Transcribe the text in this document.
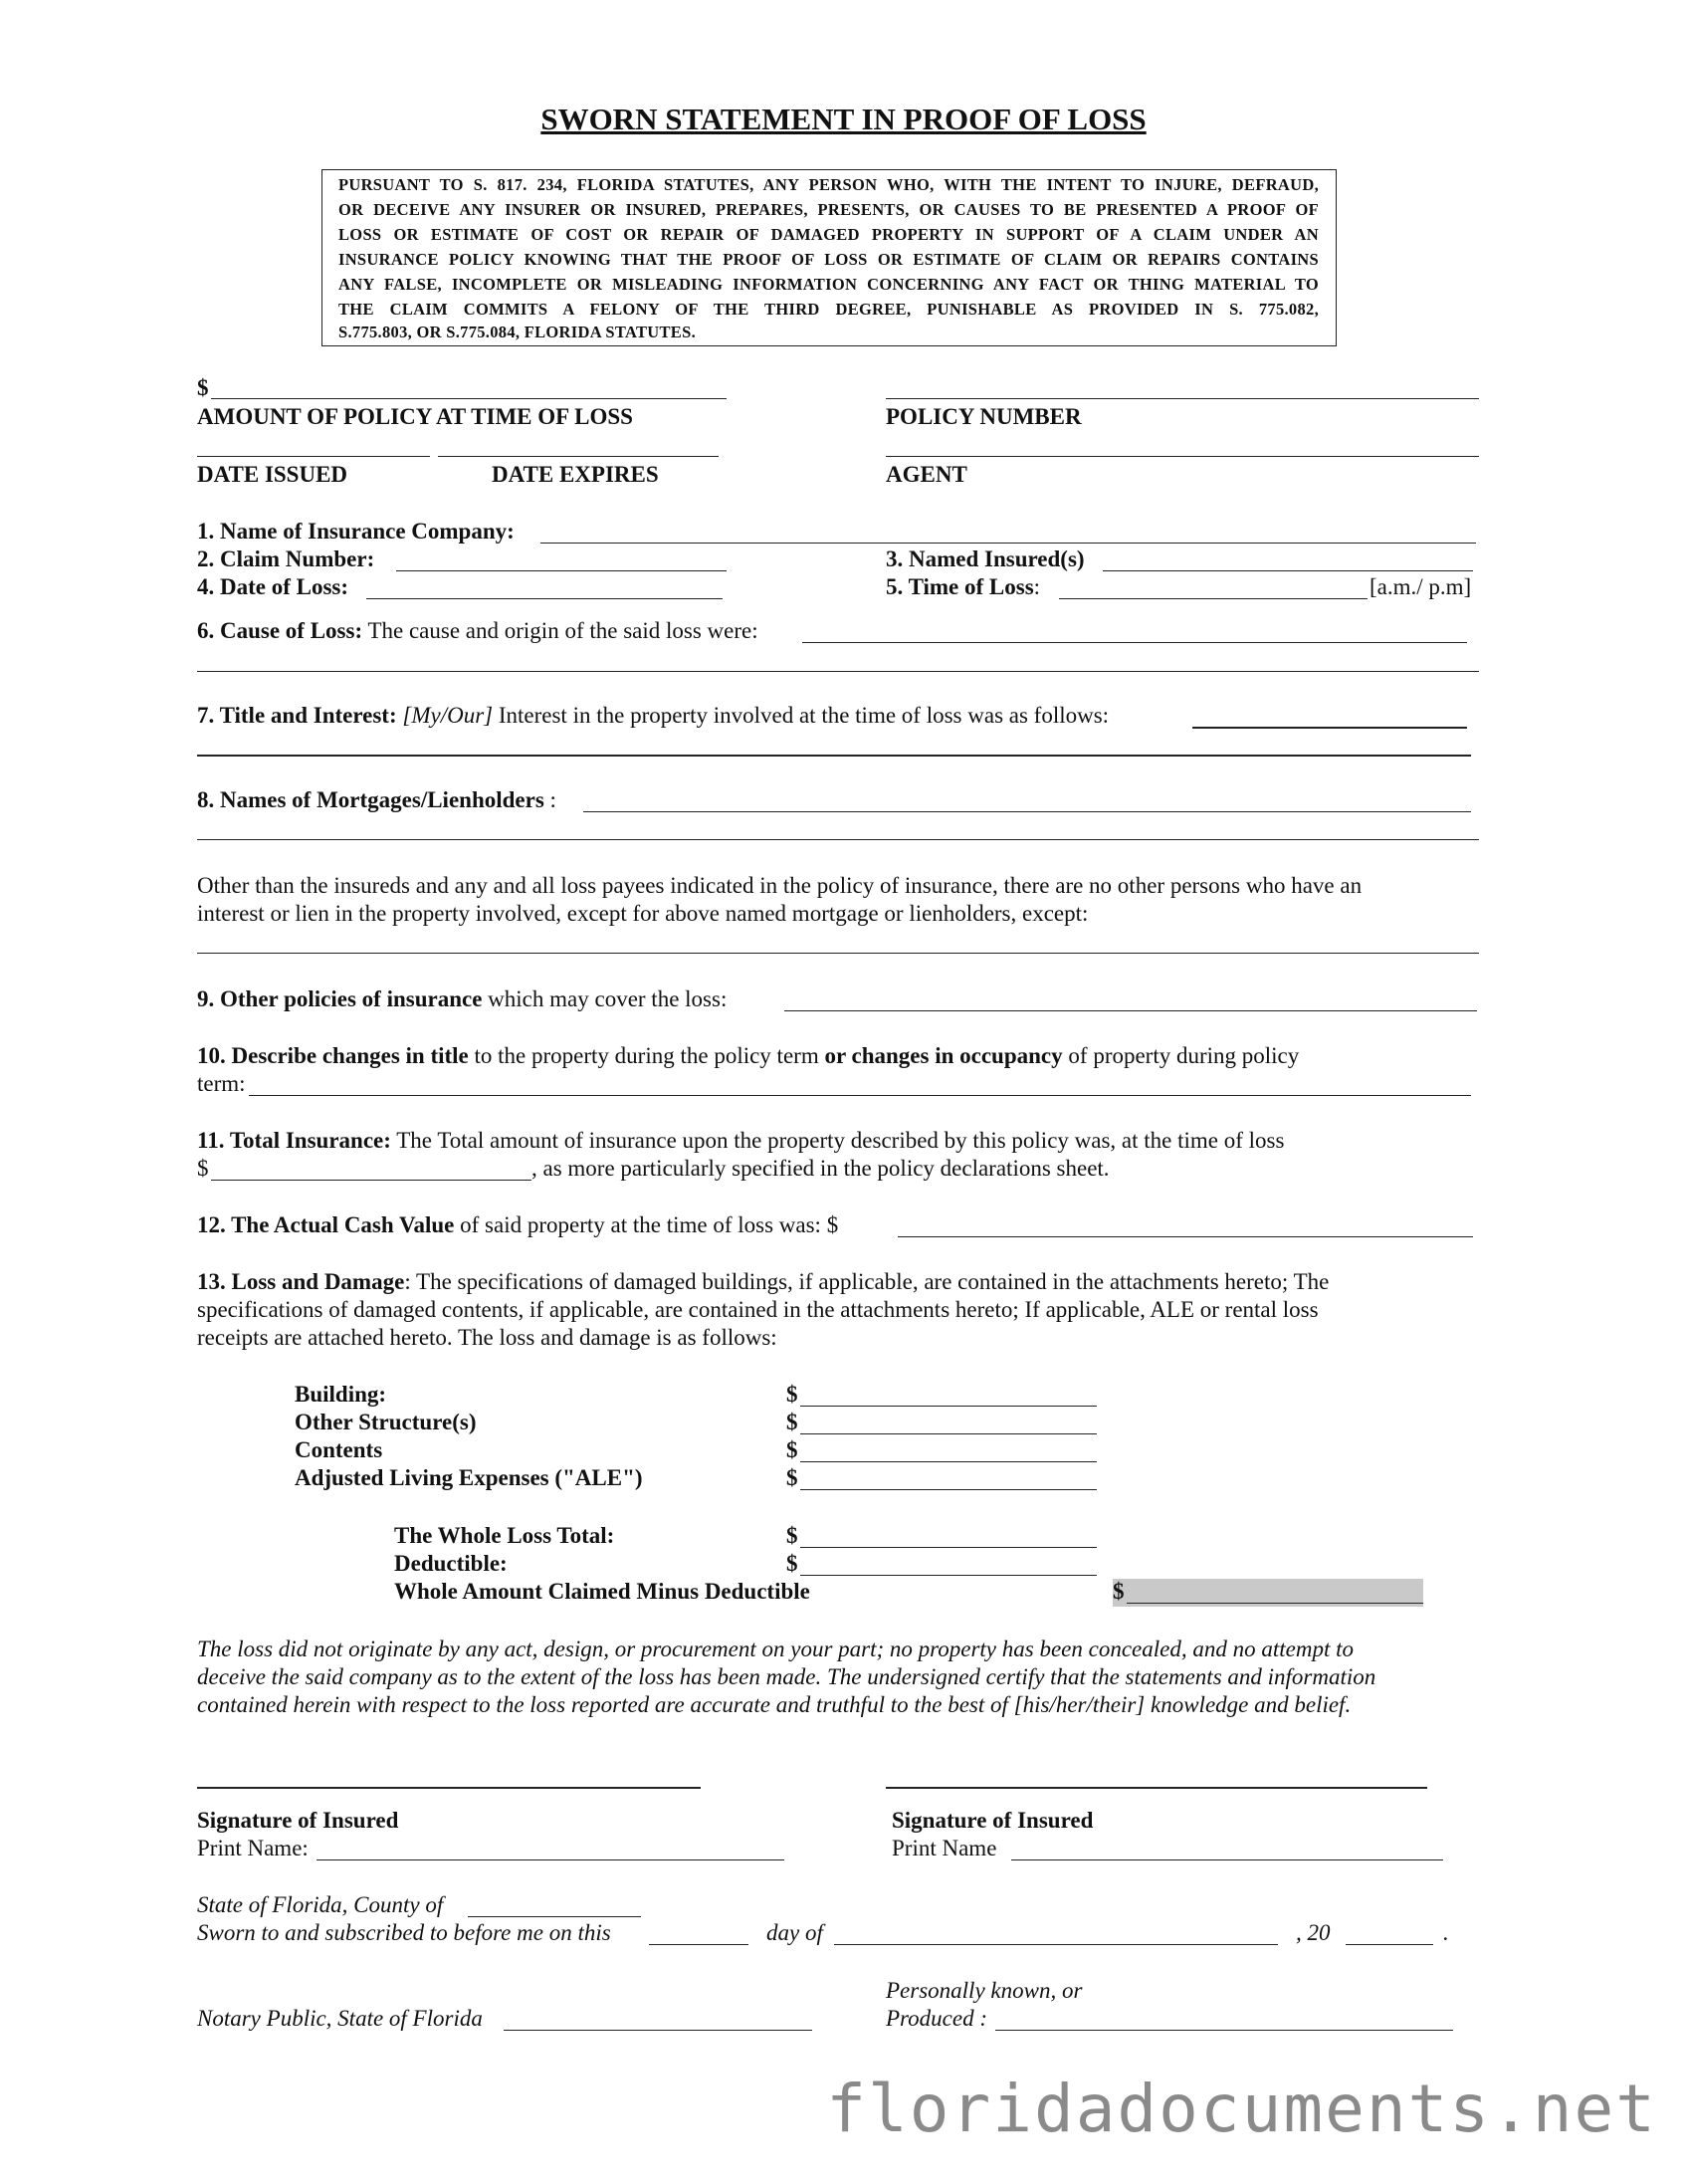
SWORN STATEMENT IN PROOF OF LOSS
PURSUANT TO S. 817. 234, FLORIDA STATUTES, ANY PERSON WHO, WITH THE INTENT TO INJURE, DEFRAUD,
OR DECEIVE ANY INSURER OR INSURED, PREPARES, PRESENTS, OR CAUSES TO BE PRESENTED A PROOF OF
LOSS OR ESTIMATE OF COST OR REPAIR OF DAMAGED PROPERTY IN SUPPORT OF A CLAIM UNDER AN
INSURANCE POLICY KNOWING THAT THE PROOF OF LOSS OR ESTIMATE OF CLAIM OR REPAIRS CONTAINS
ANY FALSE, INCOMPLETE OR MISLEADING INFORMATION CONCERNING ANY FACT OR THING MATERIAL TO
THE CLAIM COMMITS A FELONY OF THE THIRD DEGREE, PUNISHABLE AS PROVIDED IN S. 775.082,
S.775.803, OR S.775.084, FLORIDA STATUTES.
$
AMOUNT OF POLICY AT TIME OF LOSS	POLICY NUMBER
DATE ISSUED	DATE EXPIRES	AGENT
1. Name of Insurance Company:
2. Claim Number:	3. Named Insured(s)
4. Date of Loss:	5. Time of Loss:	[a.m./ p.m]
6. Cause of Loss: The cause and origin of the said loss were:
7. Title and Interest: [My/Our] Interest in the property involved at the time of loss was as follows:
8. Names of Mortgages/Lienholders :
Other than the insureds and any and all loss payees indicated in the policy of insurance, there are no other persons who have an
interest or lien in the property involved, except for above named mortgage or lienholders, except:
9. Other policies of insurance which may cover the loss:
10. Describe changes in title to the property during the policy term or changes in occupancy of property during policy
term:
11. Total Insurance: The Total amount of insurance upon the property described by this policy was, at the time of loss
$	, as more particularly specified in the policy declarations sheet.
12. The Actual Cash Value of said property at the time of loss was: $
13. Loss and Damage: The specifications of damaged buildings, if applicable, are contained in the attachments hereto; The
specifications of damaged contents, if applicable, are contained in the attachments hereto; If applicable, ALE or rental loss
receipts are attached hereto. The loss and damage is as follows:
Building:	$
Other Structure(s)	$
Contents	$
Adjusted Living Expenses ("ALE")	$
The Whole Loss Total:	$
Deductible:	$
Whole Amount Claimed Minus Deductible	$
The loss did not originate by any act, design, or procurement on your part; no property has been concealed, and no attempt to
deceive the said company as to the extent of the loss has been made. The undersigned certify that the statements and information
contained herein with respect to the loss reported are accurate and truthful to the best of [his/her/their] knowledge and belief.
Signature of Insured	Signature of Insured
Print Name:	Print Name
State of Florida, County of
Sworn to and subscribed to before me on this	day of	, 20	.
Personally known, or
Notary Public, State of Florida	Produced :
floridadocuments.net
